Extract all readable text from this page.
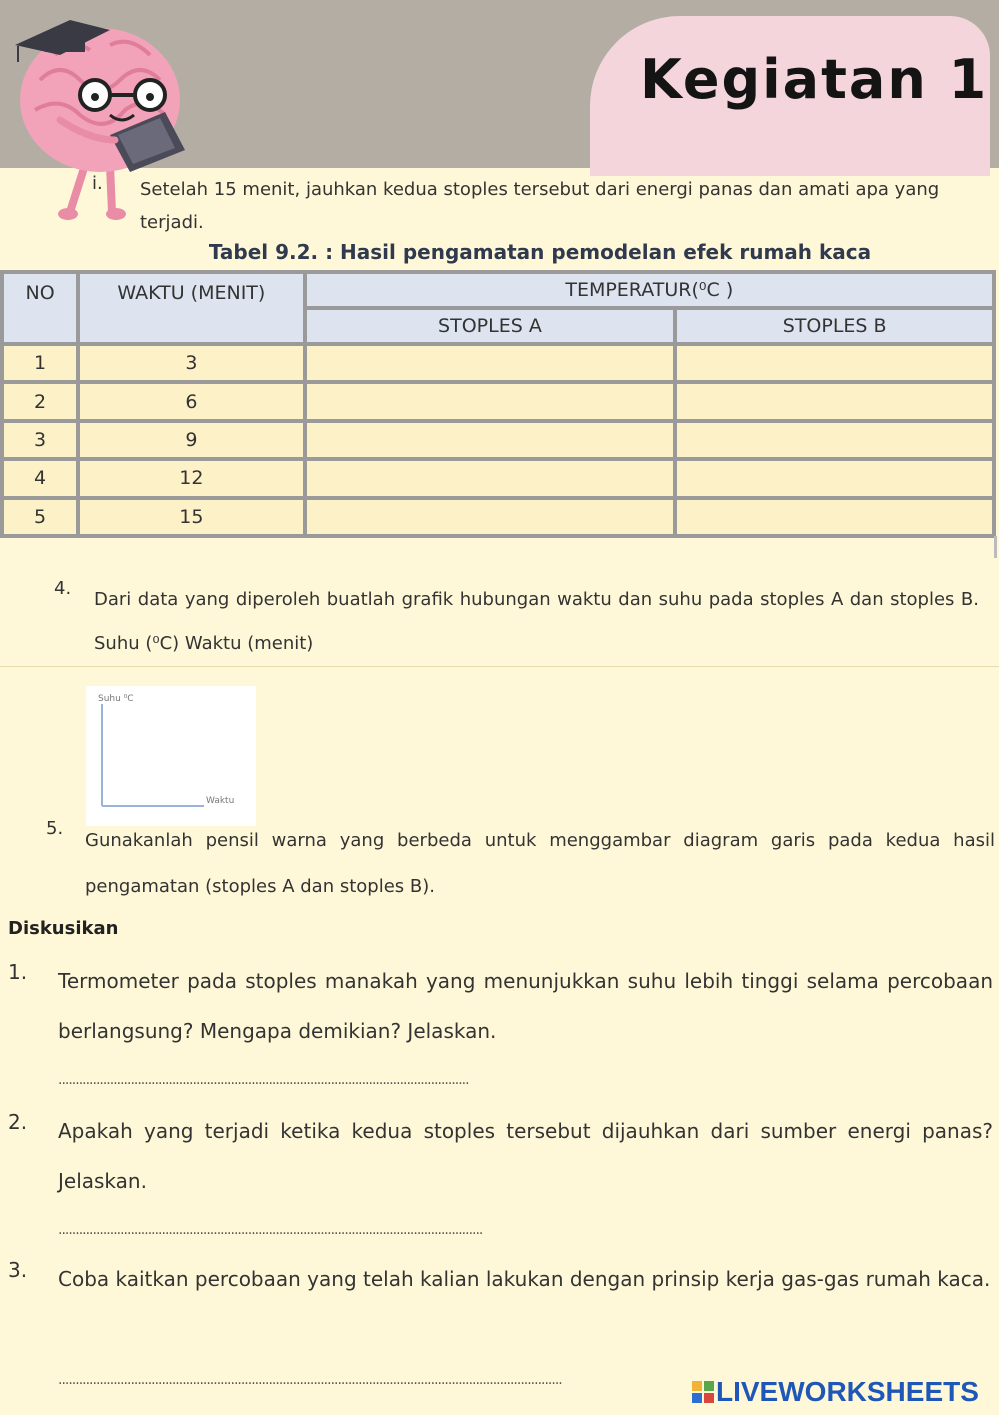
Kegiatan 1
i. Setelah 15 menit, jauhkan kedua stoples tersebut dari energi panas dan amati apa yang terjadi.
Tabel 9.2. : Hasil pengamatan pemodelan efek rumah kaca
NO	WAKTU (MENIT)	TEMPERATUR(⁰C )	
		STOPLES A	STOPLES B
1	3		
2	6		
3	9		
4	12		
5	15		
4.
Dari data yang diperoleh buatlah grafik hubungan waktu dan suhu pada stoples A dan stoples B. Suhu (⁰C) Waktu (menit)
Suhu ⁰C
Waktu
5.
Gunakanlah pensil warna yang berbeda untuk menggambar diagram garis pada kedua hasil pengamatan (stoples A dan stoples B).
Diskusikan
1. Termometer pada stoples manakah yang menunjukkan suhu lebih tinggi selama percobaan berlangsung? Mengapa demikian? Jelaskan.
.......................................................................................................................
2. Apakah yang terjadi ketika kedua stoples tersebut dijauhkan dari sumber energi panas? Jelaskan.
...........................................................................................................................
3. Coba kaitkan percobaan yang telah kalian lakukan dengan prinsip kerja gas-gas rumah kaca.
..................................................................................................................................................	LIVEWORKSHEETS
